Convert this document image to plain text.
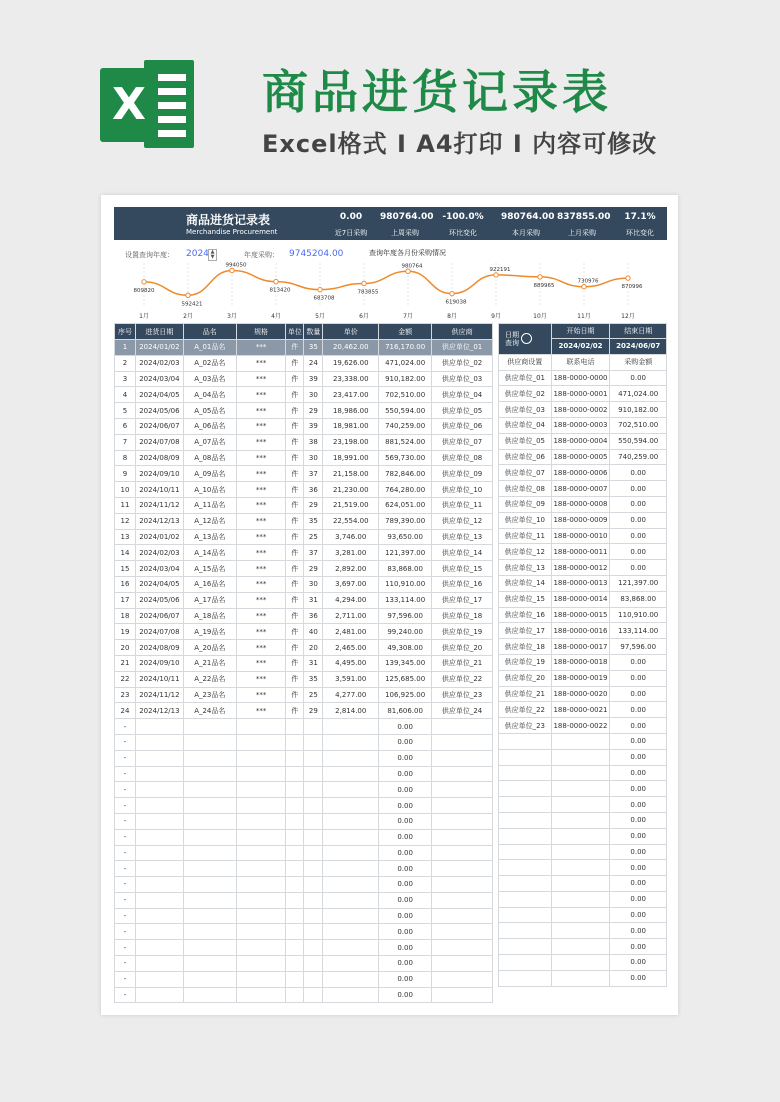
X	商品进货记录表
Excel格式 I A4打印 I 内容可修改
商品进货记录表
Merchandise Procurement
0.00
近7日采购
980764.00
上周采购
-100.0%
环比变化
980764.00
本月采购
837855.00
上月采购
17.1%
环比变化
设置查询年度： 2024 ▲
▼	年度采购： 9745204.00	查询年度各月份采购情况
809820
1月
592421
2月
994050
3月
813420
4月
683708
5月
783855
6月
980764
7月
619038
8月
922191
9月
889965
10月
730976
11月
870996
12月
序号	进货日期	品名	规格	单位	数量	单价	金额	供应商
1	2024/01/02	A_01品名	***	件	35	20,462.00	716,170.00	供应单位_01
2	2024/02/03	A_02品名	***	件	24	19,626.00	471,024.00	供应单位_02
3	2024/03/04	A_03品名	***	件	39	23,338.00	910,182.00	供应单位_03
4	2024/04/05	A_04品名	***	件	30	23,417.00	702,510.00	供应单位_04
5	2024/05/06	A_05品名	***	件	29	18,986.00	550,594.00	供应单位_05
6	2024/06/07	A_06品名	***	件	39	18,981.00	740,259.00	供应单位_06
7	2024/07/08	A_07品名	***	件	38	23,198.00	881,524.00	供应单位_07
8	2024/08/09	A_08品名	***	件	30	18,991.00	569,730.00	供应单位_08
9	2024/09/10	A_09品名	***	件	37	21,158.00	782,846.00	供应单位_09
10	2024/10/11	A_10品名	***	件	36	21,230.00	764,280.00	供应单位_10
11	2024/11/12	A_11品名	***	件	29	21,519.00	624,051.00	供应单位_11
12	2024/12/13	A_12品名	***	件	35	22,554.00	789,390.00	供应单位_12
13	2024/01/02	A_13品名	***	件	25	3,746.00	93,650.00	供应单位_13
14	2024/02/03	A_14品名	***	件	37	3,281.00	121,397.00	供应单位_14
15	2024/03/04	A_15品名	***	件	29	2,892.00	83,868.00	供应单位_15
16	2024/04/05	A_16品名	***	件	30	3,697.00	110,910.00	供应单位_16
17	2024/05/06	A_17品名	***	件	31	4,294.00	133,114.00	供应单位_17
18	2024/06/07	A_18品名	***	件	36	2,711.00	97,596.00	供应单位_18
19	2024/07/08	A_19品名	***	件	40	2,481.00	99,240.00	供应单位_19
20	2024/08/09	A_20品名	***	件	20	2,465.00	49,308.00	供应单位_20
21	2024/09/10	A_21品名	***	件	31	4,495.00	139,345.00	供应单位_21
22	2024/10/11	A_22品名	***	件	35	3,591.00	125,685.00	供应单位_22
23	2024/11/12	A_23品名	***	件	25	4,277.00	106,925.00	供应单位_23
24	2024/12/13	A_24品名	***	件	29	2,814.00	81,606.00	供应单位_24
-							0.00	
-							0.00	
-							0.00	
-							0.00	
-							0.00	
-							0.00	
-							0.00	
-							0.00	
-							0.00	
-							0.00	
-							0.00	
-							0.00	
-							0.00	
-							0.00	
-							0.00	
-							0.00	
-							0.00	
-							0.00	
日期查询	开始日期	结束日期
	2024/02/02	2024/06/07
供应商设置	联系电话	采购金额
供应单位_01	188-0000-0000	0.00
供应单位_02	188-0000-0001	471,024.00
供应单位_03	188-0000-0002	910,182.00
供应单位_04	188-0000-0003	702,510.00
供应单位_05	188-0000-0004	550,594.00
供应单位_06	188-0000-0005	740,259.00
供应单位_07	188-0000-0006	0.00
供应单位_08	188-0000-0007	0.00
供应单位_09	188-0000-0008	0.00
供应单位_10	188-0000-0009	0.00
供应单位_11	188-0000-0010	0.00
供应单位_12	188-0000-0011	0.00
供应单位_13	188-0000-0012	0.00
供应单位_14	188-0000-0013	121,397.00
供应单位_15	188-0000-0014	83,868.00
供应单位_16	188-0000-0015	110,910.00
供应单位_17	188-0000-0016	133,114.00
供应单位_18	188-0000-0017	97,596.00
供应单位_19	188-0000-0018	0.00
供应单位_20	188-0000-0019	0.00
供应单位_21	188-0000-0020	0.00
供应单位_22	188-0000-0021	0.00
供应单位_23	188-0000-0022	0.00
		0.00
		0.00
		0.00
		0.00
		0.00
		0.00
		0.00
		0.00
		0.00
		0.00
		0.00
		0.00
		0.00
		0.00
		0.00
		0.00
